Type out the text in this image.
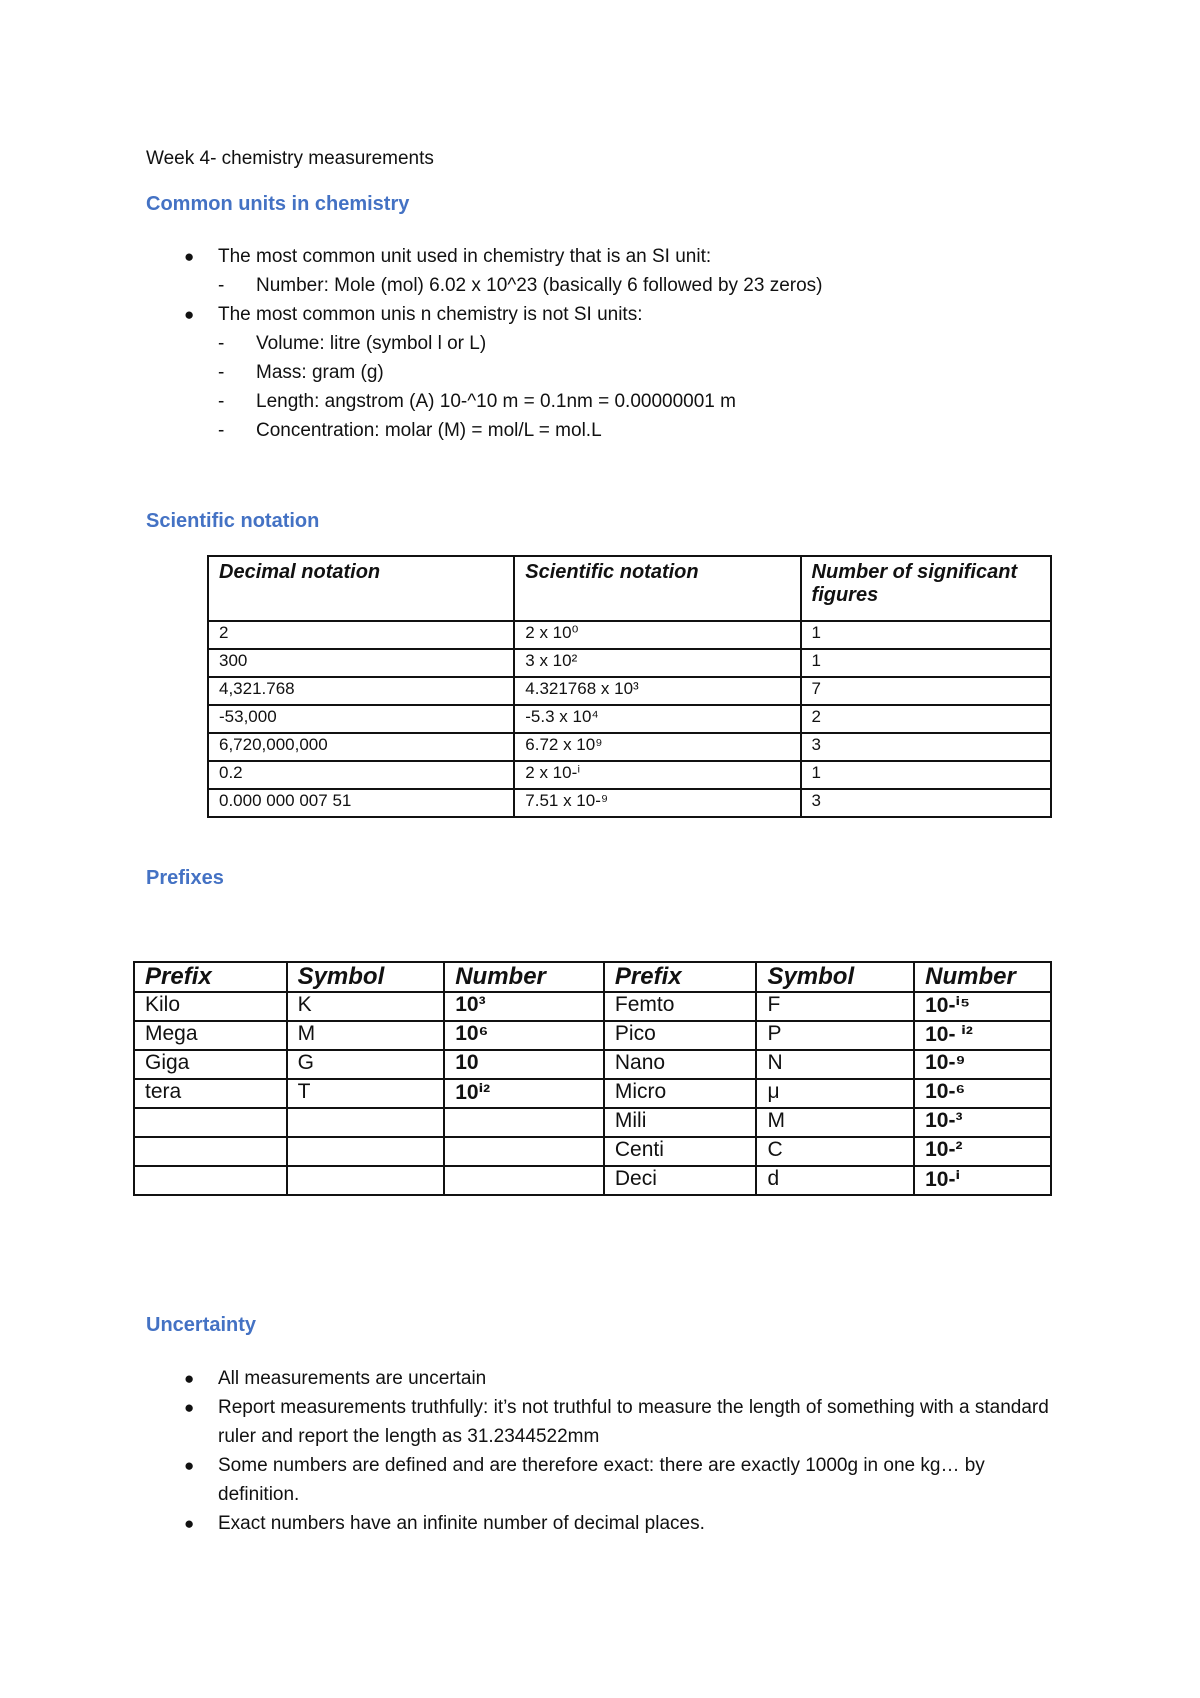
Week 4- chemistry measurements
Common units in chemistry
● The most common unit used in chemistry that is an SI unit:
- Number: Mole (mol) 6.02 x 10^23 (basically 6 followed by 23 zeros)
● The most common unis n chemistry is not SI units:
- Volume: litre (symbol l or L)
- Mass: gram (g)
- Length: angstrom (A) 10-^10 m = 0.1nm = 0.00000001 m
- Concentration: molar (M) = mol/L = mol.L
Scientific notation
Decimal notation	Scientific notation	Number of significant figures
2	2 x 10⁰	1
300	3 x 10²	1
4,321.768	4.321768 x 10³	7
-53,000	-5.3 x 10⁴	2
6,720,000,000	6.72 x 10⁹	3
0.2	2 x 10-ⁱ	1
0.000 000 007 51	7.51 x 10-⁹	3
Prefixes
Prefix	Symbol	Number	Prefix	Symbol	Number
Kilo	K	10³	Femto	F	10-ⁱ⁵
Mega	M	10⁶	Pico	P	10- ⁱ²
Giga	G	10	Nano	N	10-⁹
tera	T	10ⁱ²	Micro	μ	10-⁶
			Mili	M	10-³
			Centi	C	10-²
			Deci	d	10-ⁱ
Uncertainty
● All measurements are uncertain
● Report measurements truthfully: it’s not truthful to measure the length of something with a standard ruler and report the length as 31.2344522mm
● Some numbers are defined and are therefore exact: there are exactly 1000g in one kg… by definition.
● Exact numbers have an infinite number of decimal places.
